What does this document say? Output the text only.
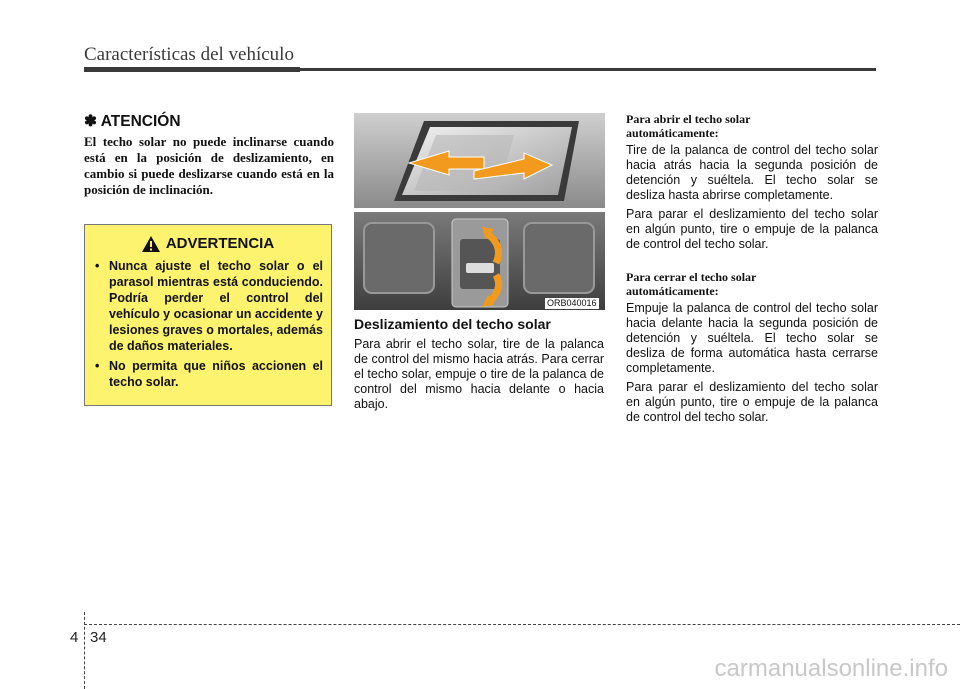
Características del vehículo
✽ ATENCIÓN
El techo solar no puede inclinarse cuando está en la posición de deslizamiento, en cambio si puede deslizarse cuando está en la posición de inclinación.
ADVERTENCIA
• Nunca ajuste el techo solar o el parasol mientras está conduciendo. Podría perder el control del vehículo y ocasionar un accidente y lesiones graves o mortales, además de daños materiales.
• No permita que niños accionen el techo solar.
ORB040016
Deslizamiento del techo solar
Para abrir el techo solar, tire de la palanca de control del mismo hacia atrás. Para cerrar el techo solar, empuje o tire de la palanca de control del mismo hacia delante o hacia abajo.
Para abrir el techo solar
automáticamente:

Tire de la palanca de control del techo solar hacia atrás hacia la segunda posición de detención y suéltela. El techo solar se desliza hasta abrirse completamente.

Para parar el deslizamiento del techo solar en algún punto, tire o empuje de la palanca de control del techo solar.

Para cerrar el techo solar
automáticamente:

Empuje la palanca de control del techo solar hacia delante hacia la segunda posición de detención y suéltela. El techo solar se desliza de forma automática hasta cerrarse completamente.

Para parar el deslizamiento del techo solar en algún punto, tire o empuje de la palanca de control del techo solar.

4 34
carmanualsonline.info
